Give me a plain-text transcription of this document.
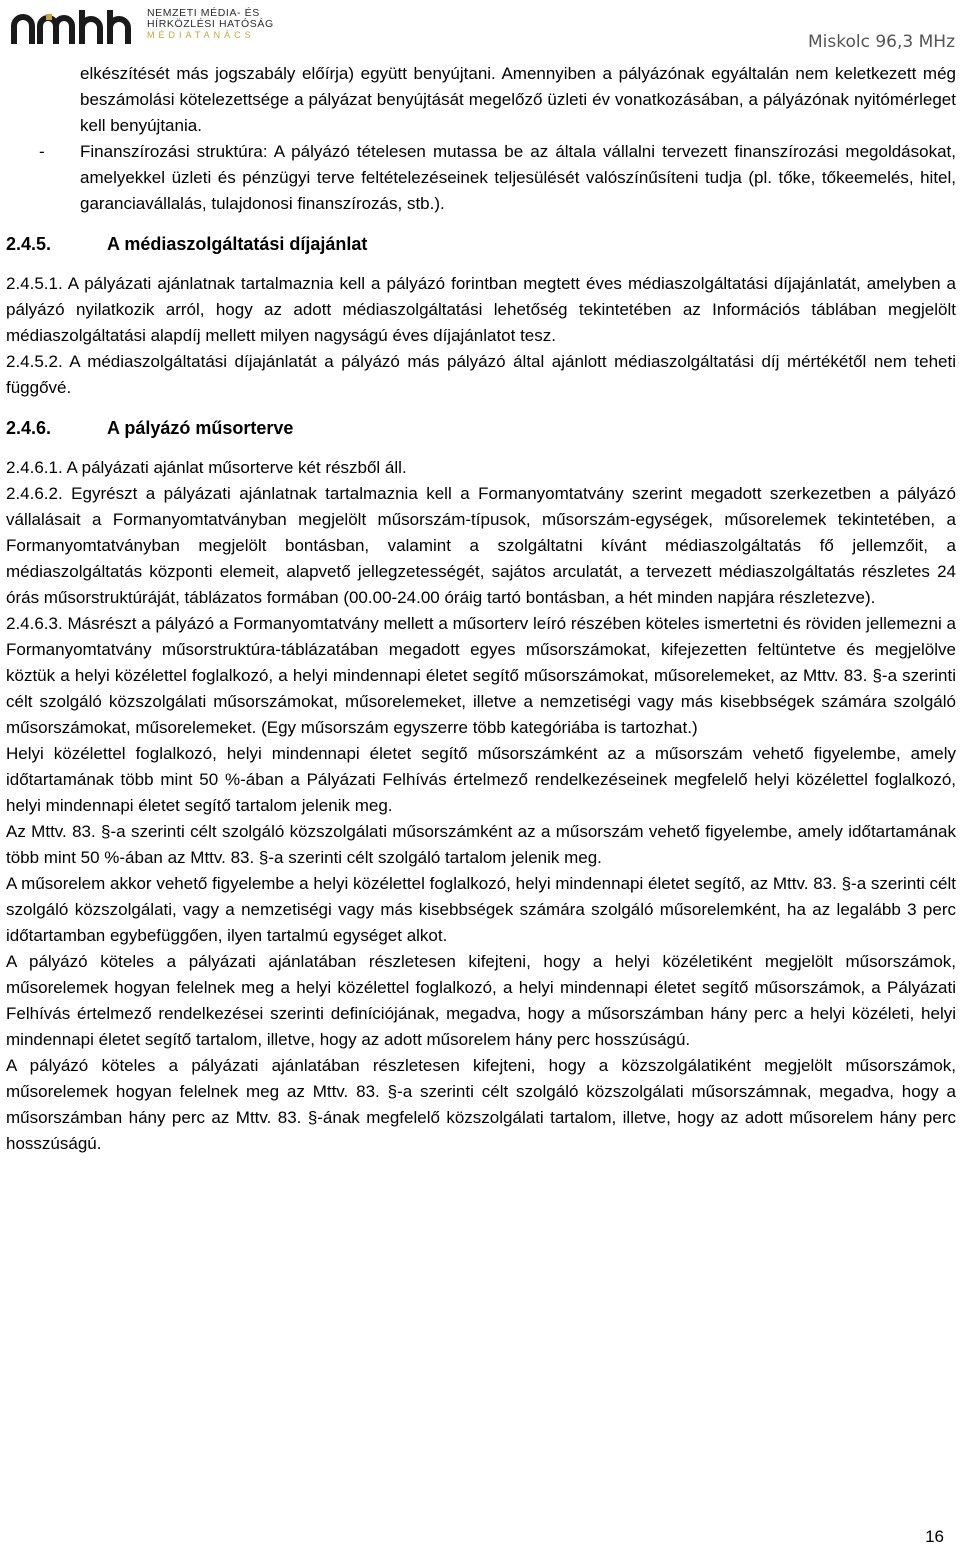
NEMZETI MÉDIA- ÉS
HÍRKÖZLÉSI HATÓSÁG
MÉDIATANÁCS	Miskolc 96,3 MHz

elkészítését más jogszabály előírja) együtt benyújtani. Amennyiben a pályázónak egyáltalán nem keletkezett még beszámolási kötelezettsége a pályázat benyújtását megelőző üzleti év vonatkozásában, a pályázónak nyitómérleget kell benyújtania.

- Finanszírozási struktúra: A pályázó tételesen mutassa be az általa vállalni tervezett finanszírozási megoldásokat, amelyekkel üzleti és pénzügyi terve feltételezéseinek teljesülését valószínűsíteni tudja (pl. tőke, tőkeemelés, hitel, garanciavállalás, tulajdonosi finanszírozás, stb.).

2.4.5.	A médiaszolgáltatási díjajánlat

2.4.5.1. A pályázati ajánlatnak tartalmaznia kell a pályázó forintban megtett éves médiaszolgáltatási díjajánlatát, amelyben a pályázó nyilatkozik arról, hogy az adott médiaszolgáltatási lehetőség tekintetében az Információs táblában megjelölt médiaszolgáltatási alapdíj mellett milyen nagyságú éves díjajánlatot tesz.

2.4.5.2. A médiaszolgáltatási díjajánlatát a pályázó más pályázó által ajánlott médiaszolgáltatási díj mértékétől nem teheti függővé.

2.4.6.	A pályázó műsorterve

2.4.6.1. A pályázati ajánlat műsorterve két részből áll.

2.4.6.2. Egyrészt a pályázati ajánlatnak tartalmaznia kell a Formanyomtatvány szerint megadott szerkezetben a pályázó vállalásait a Formanyomtatványban megjelölt műsorszám-típusok, műsorszám-egységek, műsorelemek tekintetében, a Formanyomtatványban megjelölt bontásban, valamint a szolgáltatni kívánt médiaszolgáltatás fő jellemzőit, a médiaszolgáltatás központi elemeit, alapvető jellegzetességét, sajátos arculatát, a tervezett médiaszolgáltatás részletes 24 órás műsorstruktúráját, táblázatos formában (00.00-24.00 óráig tartó bontásban, a hét minden napjára részletezve).

2.4.6.3. Másrészt a pályázó a Formanyomtatvány mellett a műsorterv leíró részében köteles ismertetni és röviden jellemezni a Formanyomtatvány műsorstruktúra-táblázatában megadott egyes műsorszámokat, kifejezetten feltüntetve és megjelölve köztük a helyi közélettel foglalkozó, a helyi mindennapi életet segítő műsorszámokat, műsorelemeket, az Mttv. 83. §-a szerinti célt szolgáló közszolgálati műsorszámokat, műsorelemeket, illetve a nemzetiségi vagy más kisebbségek számára szolgáló műsorszámokat, műsorelemeket. (Egy műsorszám egyszerre több kategóriába is tartozhat.)

Helyi közélettel foglalkozó, helyi mindennapi életet segítő műsorszámként az a műsorszám vehető figyelembe, amely időtartamának több mint 50 %-ában a Pályázati Felhívás értelmező rendelkezéseinek megfelelő helyi közélettel foglalkozó, helyi mindennapi életet segítő tartalom jelenik meg.

Az Mttv. 83. §-a szerinti célt szolgáló közszolgálati műsorszámként az a műsorszám vehető figyelembe, amely időtartamának több mint 50 %-ában az Mttv. 83. §-a szerinti célt szolgáló tartalom jelenik meg.

A műsorelem akkor vehető figyelembe a helyi közélettel foglalkozó, helyi mindennapi életet segítő, az Mttv. 83. §-a szerinti célt szolgáló közszolgálati, vagy a nemzetiségi vagy más kisebbségek számára szolgáló műsorelemként, ha az legalább 3 perc időtartamban egybefüggően, ilyen tartalmú egységet alkot.

A pályázó köteles a pályázati ajánlatában részletesen kifejteni, hogy a helyi közéletiként megjelölt műsorszámok, műsorelemek hogyan felelnek meg a helyi közélettel foglalkozó, a helyi mindennapi életet segítő műsorszámok, a Pályázati Felhívás értelmező rendelkezései szerinti definíciójának, megadva, hogy a műsorszámban hány perc a helyi közéleti, helyi mindennapi életet segítő tartalom, illetve, hogy az adott műsorelem hány perc hosszúságú.

A pályázó köteles a pályázati ajánlatában részletesen kifejteni, hogy a közszolgálatiként megjelölt műsorszámok, műsorelemek hogyan felelnek meg az Mttv. 83. §-a szerinti célt szolgáló közszolgálati műsorszámnak, megadva, hogy a műsorszámban hány perc az Mttv. 83. §-ának megfelelő közszolgálati tartalom, illetve, hogy az adott műsorelem hány perc hosszúságú.

16
